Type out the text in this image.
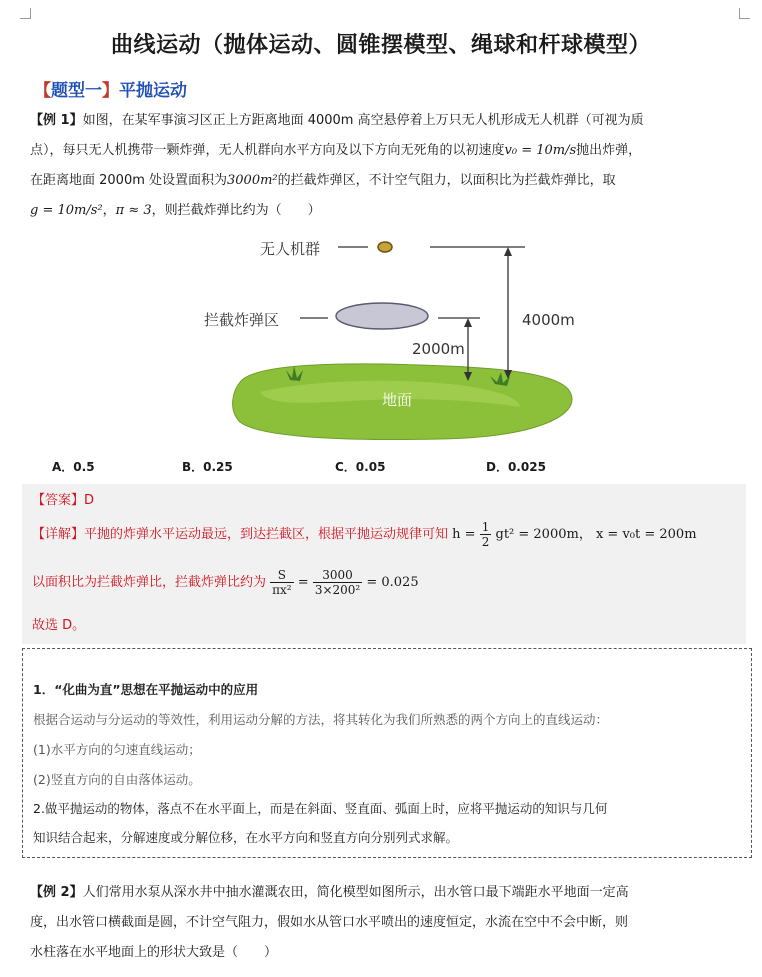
曲线运动（抛体运动、圆锥摆模型、绳球和杆球模型）
【题型一】平抛运动
【例 1】如图，在某军事演习区正上方距离地面 4000m 高空悬停着上万只无人机形成无人机群（可视为质
点），每只无人机携带一颗炸弹，无人机群向水平方向及以下方向无死角的以初速度v₀ = 10m/s抛出炸弹，
在距离地面 2000m 处设置面积为3000m²的拦截炸弹区，不计空气阻力，以面积比为拦截炸弹比，取
g = 10m/s²，π ≈ 3，则拦截炸弹比约为（　　）
无人机群
拦截炸弹区
2000m
4000m
地面
A．0.5	B．0.25	C．0.05	D．0.025
【答案】D
【详解】平抛的炸弹水平运动最远，到达拦截区，根据平抛运动规律可知 $h = \frac{1}{2} gt^2 = 2000m$， x = v₀t = 200m
以面积比为拦截炸弹比，拦截炸弹比约为 $\frac{S}{\text{πx²}} = \frac{3000}{\text{3×200²}} = 0.025$
故选 D。
1．“化曲为直”思想在平抛运动中的应用
根据合运动与分运动的等效性，利用运动分解的方法，将其转化为我们所熟悉的两个方向上的直线运动：
(1)水平方向的匀速直线运动；
(2)竖直方向的自由落体运动。
2.做平抛运动的物体，落点不在水平面上，而是在斜面、竖直面、弧面上时，应将平抛运动的知识与几何
知识结合起来，分解速度或分解位移，在水平方向和竖直方向分别列式求解。
【例 2】人们常用水泵从深水井中抽水灌溉农田，简化模型如图所示，出水管口最下端距水平地面一定高
度，出水管口横截面是圆，不计空气阻力，假如水从管口水平喷出的速度恒定，水流在空中不会中断，则
水柱落在水平地面上的形状大致是（　　）
